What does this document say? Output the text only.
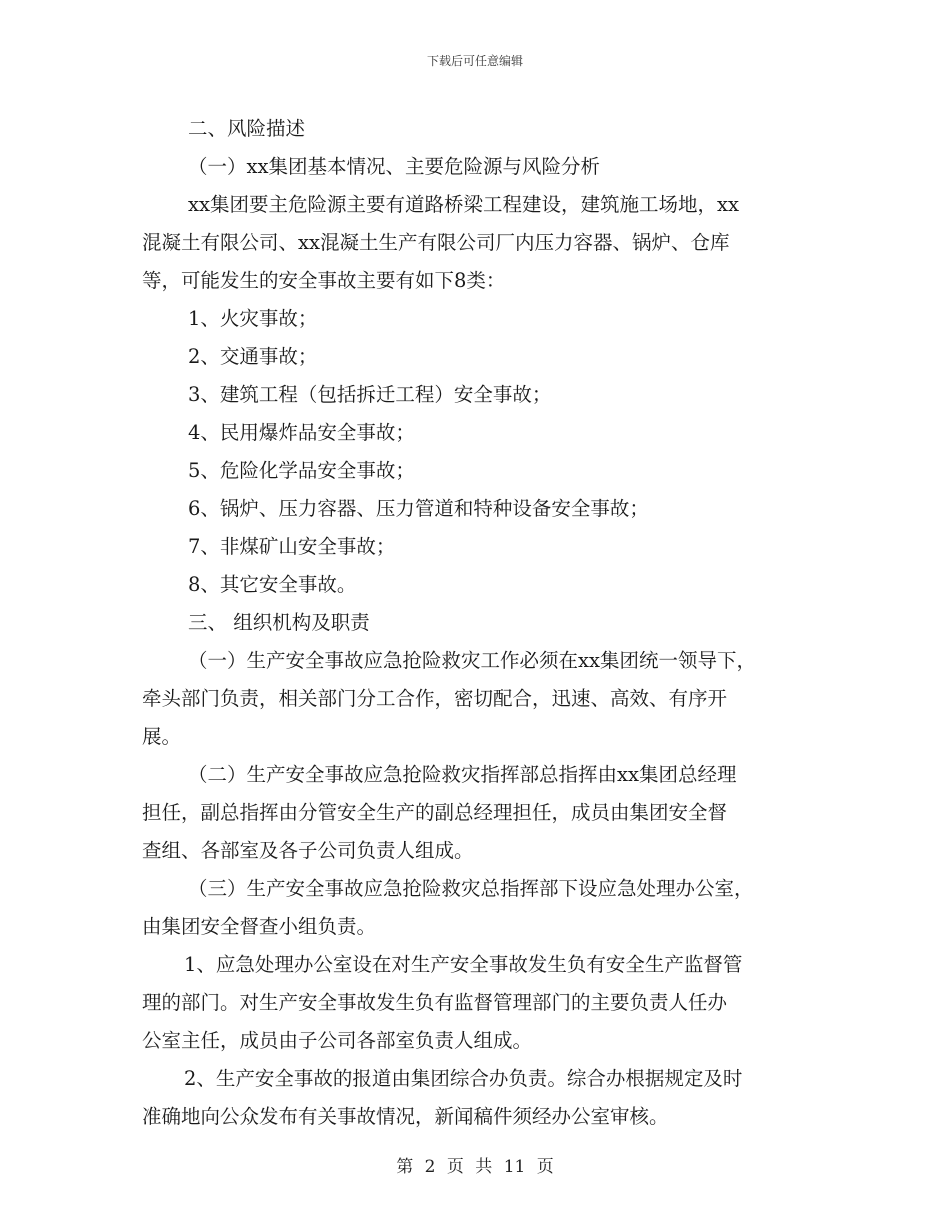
下载后可任意编辑
二、风险描述
（一）xx集团基本情况、主要危险源与风险分析
xx集团要主危险源主要有道路桥梁工程建设，建筑施工场地，xx
混凝土有限公司、xx混凝土生产有限公司厂内压力容器、锅炉、仓库
等，可能发生的安全事故主要有如下8类：
1、火灾事故；
2、交通事故；
3、建筑工程（包括拆迁工程）安全事故；
4、民用爆炸品安全事故；
5、危险化学品安全事故；
6、锅炉、压力容器、压力管道和特种设备安全事故；
7、非煤矿山安全事故；
8、其它安全事故。
三、 组织机构及职责
（一）生产安全事故应急抢险救灾工作必须在xx集团统一领导下，
牵头部门负责，相关部门分工合作，密切配合，迅速、高效、有序开
展。
（二）生产安全事故应急抢险救灾指挥部总指挥由xx集团总经理
担任，副总指挥由分管安全生产的副总经理担任，成员由集团安全督
查组、各部室及各子公司负责人组成。
（三）生产安全事故应急抢险救灾总指挥部下设应急处理办公室，
由集团安全督查小组负责。
1、应急处理办公室设在对生产安全事故发生负有安全生产监督管
理的部门。对生产安全事故发生负有监督管理部门的主要负责人任办
公室主任，成员由子公司各部室负责人组成。
2、生产安全事故的报道由集团综合办负责。综合办根据规定及时
准确地向公众发布有关事故情况，新闻稿件须经办公室审核。
第 2 页 共 11 页
